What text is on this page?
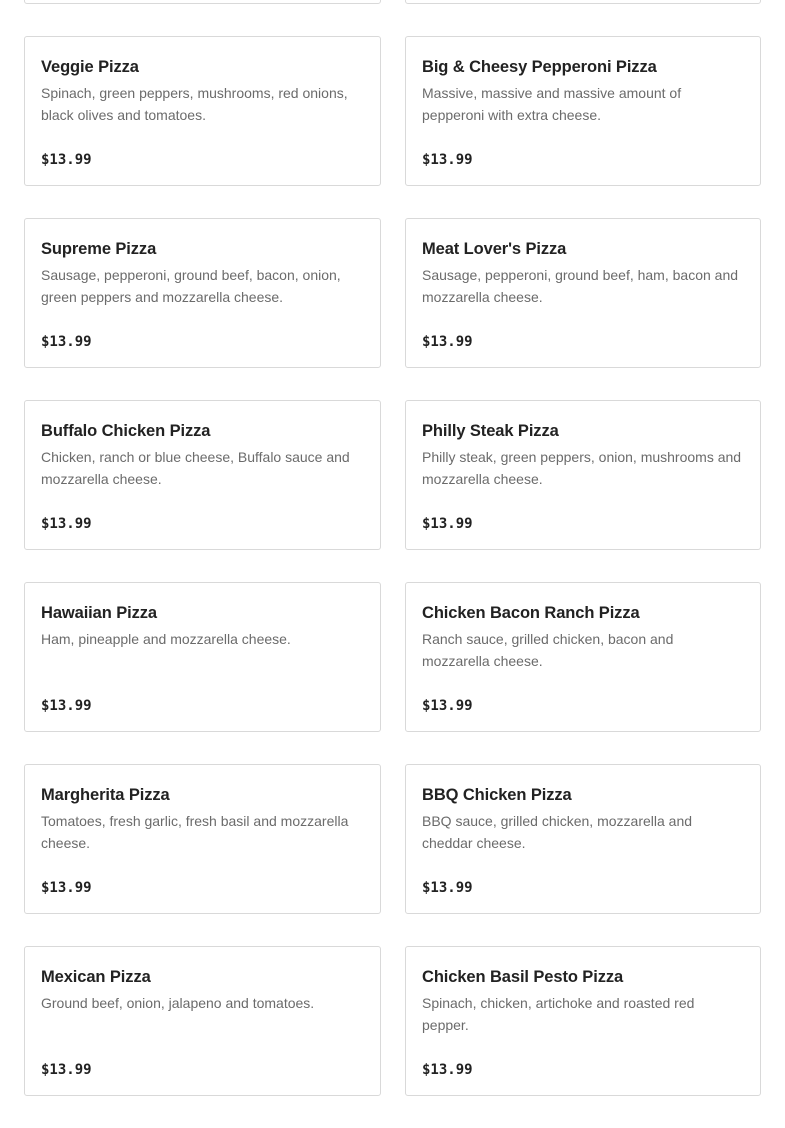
Veggie Pizza
Spinach, green peppers, mushrooms, red onions, black olives and tomatoes.
$13.99
Big & Cheesy Pepperoni Pizza
Massive, massive and massive amount of pepperoni with extra cheese.
$13.99
Supreme Pizza
Sausage, pepperoni, ground beef, bacon, onion, green peppers and mozzarella cheese.
$13.99
Meat Lover's Pizza
Sausage, pepperoni, ground beef, ham, bacon and mozzarella cheese.
$13.99
Buffalo Chicken Pizza
Chicken, ranch or blue cheese, Buffalo sauce and mozzarella cheese.
$13.99
Philly Steak Pizza
Philly steak, green peppers, onion, mushrooms and mozzarella cheese.
$13.99
Hawaiian Pizza
Ham, pineapple and mozzarella cheese.
$13.99
Chicken Bacon Ranch Pizza
Ranch sauce, grilled chicken, bacon and mozzarella cheese.
$13.99
Margherita Pizza
Tomatoes, fresh garlic, fresh basil and mozzarella cheese.
$13.99
BBQ Chicken Pizza
BBQ sauce, grilled chicken, mozzarella and cheddar cheese.
$13.99
Mexican Pizza
Ground beef, onion, jalapeno and tomatoes.
$13.99
Chicken Basil Pesto Pizza
Spinach, chicken, artichoke and roasted red pepper.
$13.99
